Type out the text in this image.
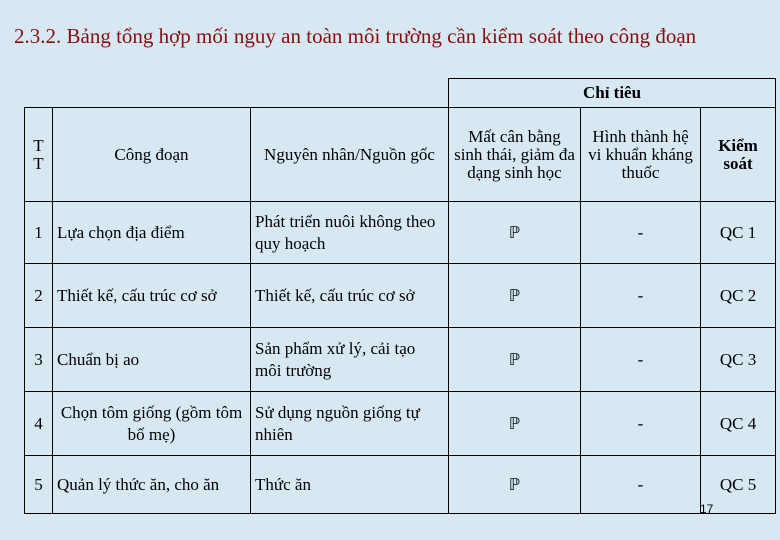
2.3.2. Bảng tổng hợp mối nguy an toàn môi trường cần kiểm soát theo công đoạn
			Chỉ tiêu		
T T	Công đoạn	Nguyên nhân/Nguồn gốc	Mất cân bằng sinh thái, giảm đa dạng sinh học	Hình thành hệ vi khuẩn kháng thuốc	Kiểm soát
1	Lựa chọn địa điểm	Phát triển nuôi không theo quy hoạch	ℙ	-	QC 1
2	Thiết kế, cấu trúc cơ sở	Thiết kế, cấu trúc cơ sở	ℙ	-	QC 2
3	Chuẩn bị ao	Sản phẩm xử lý, cải tạo môi trường	ℙ	-	QC 3
4	Chọn tôm giống (gồm tôm bố mẹ)	Sử dụng nguồn giống tự nhiên	ℙ	-	QC 4
5	Quản lý thức ăn, cho ăn	Thức ăn	ℙ	-	QC 5
17
